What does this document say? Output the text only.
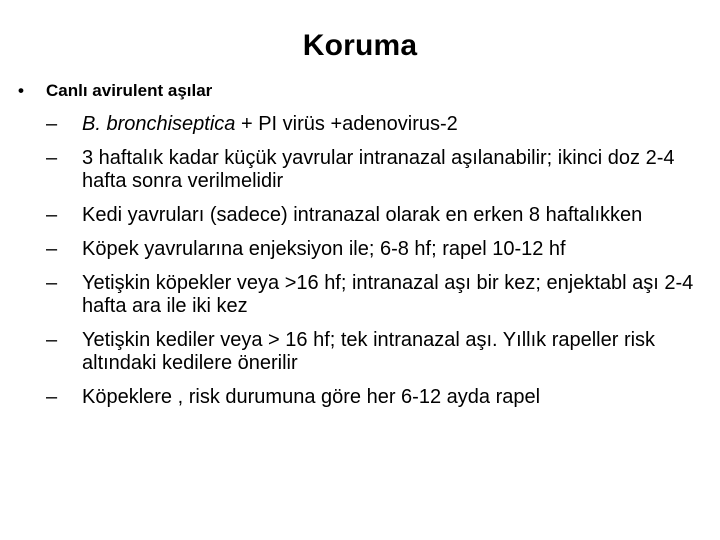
Koruma
•	Canlı avirulent aşılar
–	B. bronchiseptica + PI virüs +adenovirus-2
–	3 haftalık kadar küçük yavrular intranazal aşılanabilir; ikinci doz 2-4 hafta sonra verilmelidir
–	Kedi yavruları (sadece) intranazal olarak en erken 8 haftalıkken
–	Köpek yavrularına enjeksiyon ile; 6-8 hf; rapel 10-12 hf
–	Yetişkin köpekler veya >16 hf; intranazal aşı bir kez; enjektabl aşı 2-4 hafta ara ile iki kez
–	Yetişkin kediler veya > 16 hf; tek intranazal aşı. Yıllık rapeller risk altındaki kedilere önerilir
–	Köpeklere , risk durumuna göre her 6-12 ayda rapel
